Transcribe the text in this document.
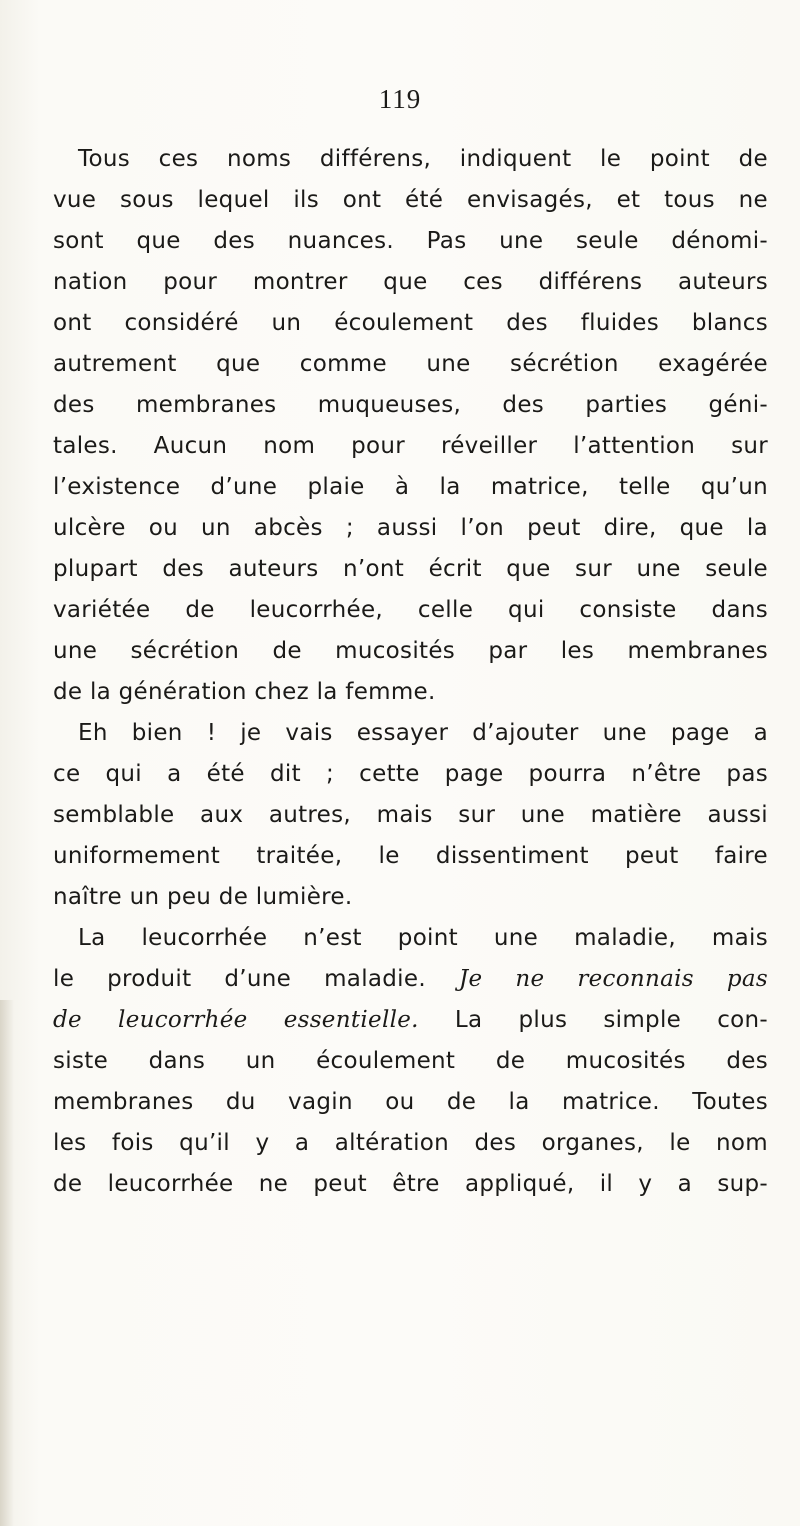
119
Tous ces noms différens, indiquent le point de
vue sous lequel ils ont été envisagés, et tous ne
sont que des nuances. Pas une seule dénomi-
nation pour montrer que ces différens auteurs
ont considéré un écoulement des fluides blancs
autrement que comme une sécrétion exagérée
des membranes muqueuses, des parties géni-
tales. Aucun nom pour réveiller l’attention sur
l’existence d’une plaie à la matrice, telle qu’un
ulcère ou un abcès ; aussi l’on peut dire, que la
plupart des auteurs n’ont écrit que sur une seule
variétée de leucorrhée, celle qui consiste dans
une sécrétion de mucosités par les membranes
de la génération chez la femme.
Eh bien ! je vais essayer d’ajouter une page a
ce qui a été dit ; cette page pourra n’être pas
semblable aux autres, mais sur une matière aussi
uniformement traitée, le dissentiment peut faire
naître un peu de lumière.
La leucorrhée n’est point une maladie, mais
le produit d’une maladie. Je ne reconnais pas
de leucorrhée essentielle. La plus simple con-
siste dans un écoulement de mucosités des
membranes du vagin ou de la matrice. Toutes
les fois qu’il y a altération des organes, le nom
de leucorrhée ne peut être appliqué, il y a sup-
